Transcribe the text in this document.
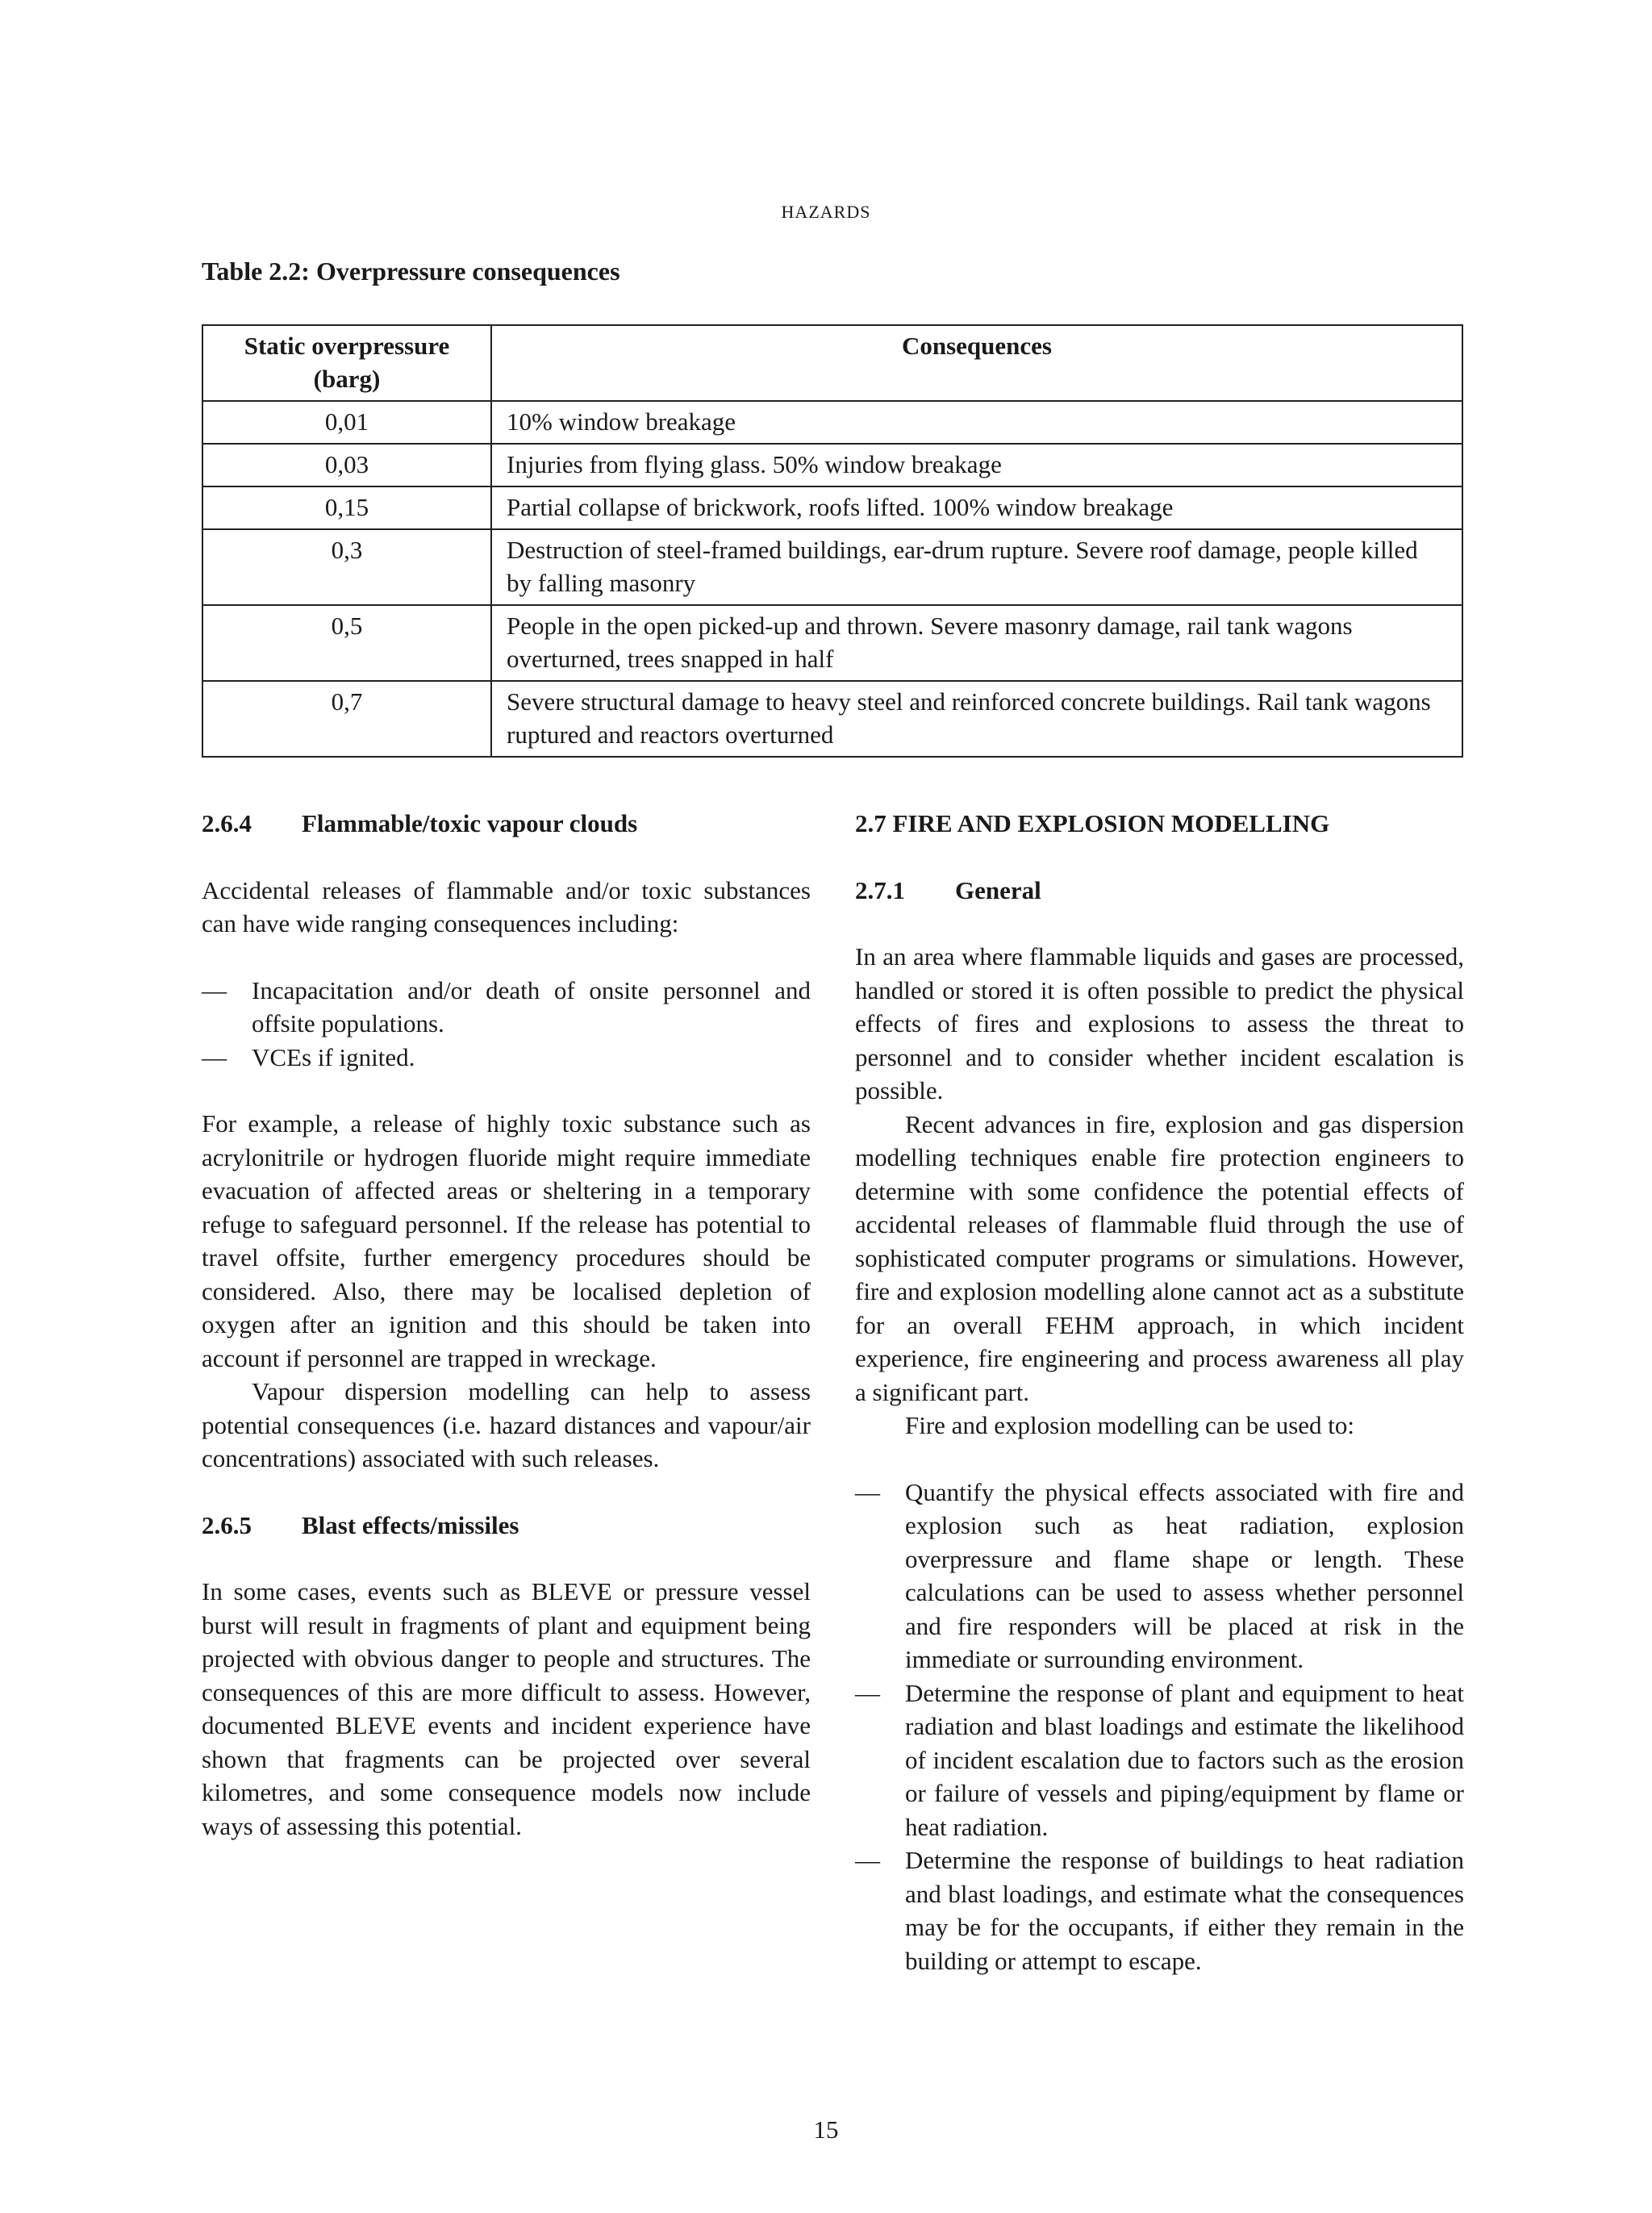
HAZARDS
Table 2.2: Overpressure consequences
Static overpressure (barg)	Consequences
0,01	10% window breakage
0,03	Injuries from flying glass. 50% window breakage
0,15	Partial collapse of brickwork, roofs lifted. 100% window breakage
0,3	Destruction of steel-framed buildings, ear-drum rupture. Severe roof damage, people killed by falling masonry
0,5	People in the open picked-up and thrown. Severe masonry damage, rail tank wagons overturned, trees snapped in half
0,7	Severe structural damage to heavy steel and reinforced concrete buildings. Rail tank wagons ruptured and reactors overturned
2.6.4 Flammable/toxic vapour clouds

Accidental releases of flammable and/or toxic substances can have wide ranging consequences including:

— Incapacitation and/or death of onsite personnel and offsite populations.
— VCEs if ignited.

For example, a release of highly toxic substance such as acrylonitrile or hydrogen fluoride might require immediate evacuation of affected areas or sheltering in a temporary refuge to safeguard personnel. If the release has potential to travel offsite, further emergency procedures should be considered. Also, there may be localised depletion of oxygen after an ignition and this should be taken into account if personnel are trapped in wreckage.

Vapour dispersion modelling can help to assess potential consequences (i.e. hazard distances and vapour/air concentrations) associated with such releases.

2.6.5 Blast effects/missiles

In some cases, events such as BLEVE or pressure vessel burst will result in fragments of plant and equipment being projected with obvious danger to people and structures. The consequences of this are more difficult to assess. However, documented BLEVE events and incident experience have shown that fragments can be projected over several kilometres, and some consequence models now include ways of assessing this potential.

2.7 FIRE AND EXPLOSION MODELLING
2.7.1 General

In an area where flammable liquids and gases are processed, handled or stored it is often possible to predict the physical effects of fires and explosions to assess the threat to personnel and to consider whether incident escalation is possible.

Recent advances in fire, explosion and gas dispersion modelling techniques enable fire protection engineers to determine with some confidence the potential effects of accidental releases of flammable fluid through the use of sophisticated computer programs or simulations. However, fire and explosion modelling alone cannot act as a substitute for an overall FEHM approach, in which incident experience, fire engineering and process awareness all play a significant part.

Fire and explosion modelling can be used to:

— Quantify the physical effects associated with fire and explosion such as heat radiation, explosion overpressure and flame shape or length. These calculations can be used to assess whether personnel and fire responders will be placed at risk in the immediate or surrounding environment.
— Determine the response of plant and equipment to heat radiation and blast loadings and estimate the likelihood of incident escalation due to factors such as the erosion or failure of vessels and piping/equipment by flame or heat radiation.
— Determine the response of buildings to heat radiation and blast loadings, and estimate what the consequences may be for the occupants, if either they remain in the building or attempt to escape.
15
